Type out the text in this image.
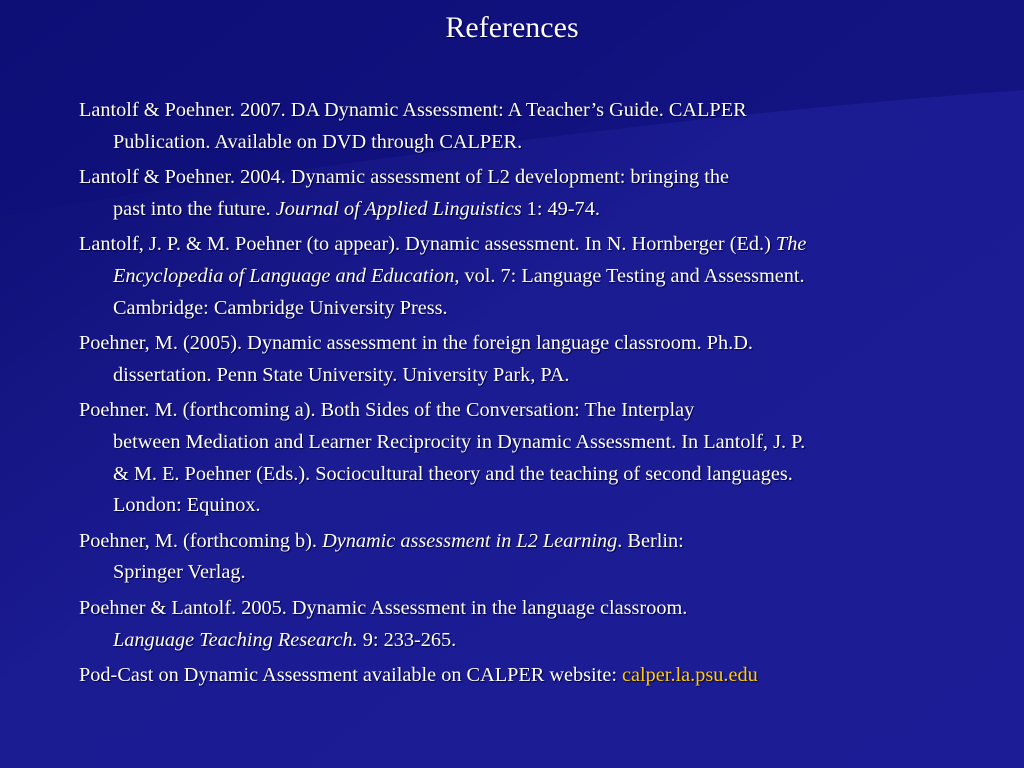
References
Lantolf & Poehner. 2007. DA Dynamic Assessment: A Teacher’s Guide. CALPER
Publication. Available on DVD through CALPER.
Lantolf & Poehner. 2004. Dynamic assessment of L2 development: bringing the
past into the future. Journal of Applied Linguistics 1: 49-74.
Lantolf, J. P. & M. Poehner (to appear). Dynamic assessment. In N. Hornberger (Ed.) The
Encyclopedia of Language and Education, vol. 7: Language Testing and Assessment.
Cambridge: Cambridge University Press.
Poehner, M. (2005). Dynamic assessment in the foreign language classroom. Ph.D.
dissertation. Penn State University. University Park, PA.
Poehner. M. (forthcoming a). Both Sides of the Conversation: The Interplay
between Mediation and Learner Reciprocity in Dynamic Assessment. In Lantolf, J. P.
& M. E. Poehner (Eds.). Sociocultural theory and the teaching of second languages.
London: Equinox.
Poehner, M. (forthcoming b). Dynamic assessment in L2 Learning. Berlin:
Springer Verlag.
Poehner & Lantolf. 2005. Dynamic Assessment in the language classroom.
Language Teaching Research. 9: 233-265.
Pod-Cast on Dynamic Assessment available on CALPER website: calper.la.psu.edu
